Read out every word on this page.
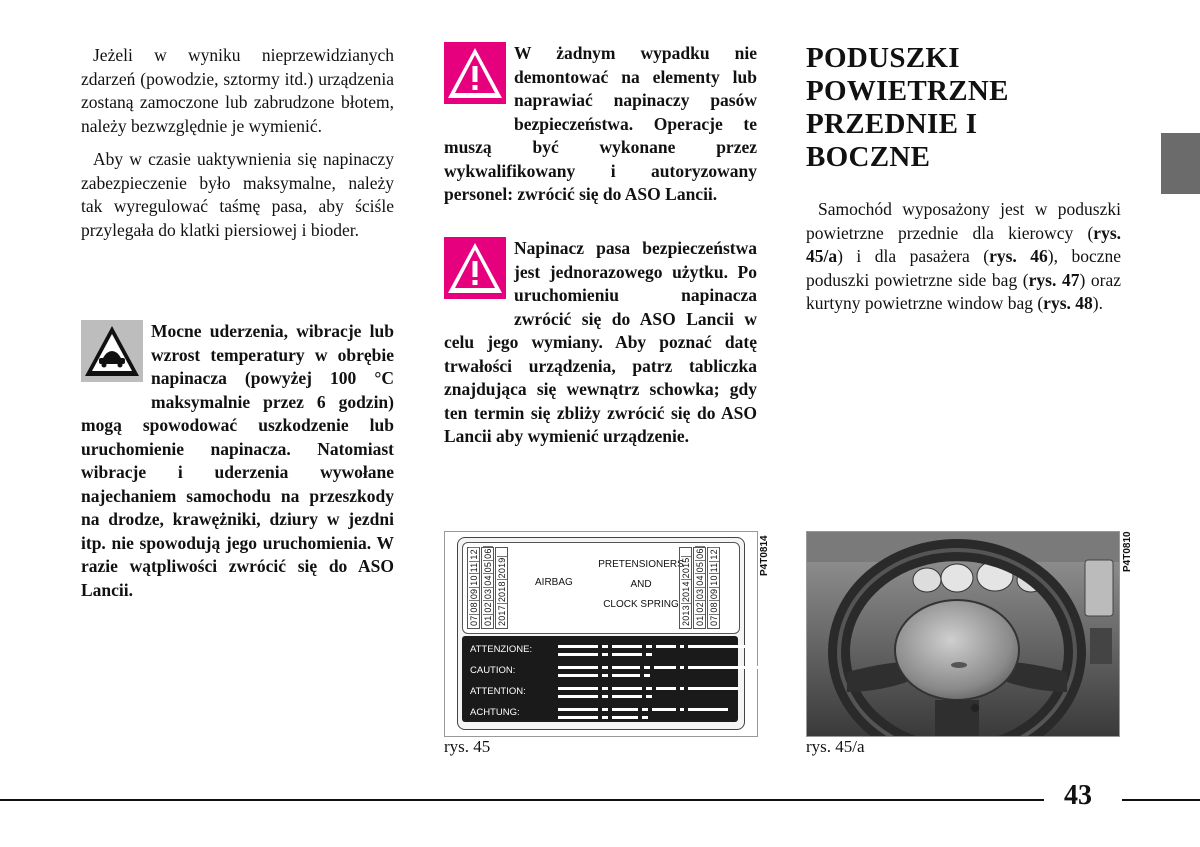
Jeżeli w wyniku nieprzewidzianych zdarzeń (powodzie, sztormy itd.) urządzenia zostaną zamoczone lub zabrudzone błotem, należy bezwzględnie je wymienić.

Aby w czasie uaktywnienia się napinaczy zabezpieczenie było maksymalne, należy tak wyregulować taśmę pasa, aby ściśle przylegała do klatki piersiowej i bioder.

Mocne uderzenia, wibracje lub wzrost temperatury w obrębie napinacza (powyżej 100 °C maksymalnie przez 6 godzin) mogą spowodować uszkodzenie lub uruchomienie napinacza. Natomiast wibracje i uderzenia wywołane najechaniem samochodu na przeszkody na drodze, krawężniki, dziury w jezdni itp. nie spowodują jego uruchomienia. W razie wątpliwości zwrócić się do ASO Lancii.

W żadnym wypadku nie demontować na elementy lub naprawiać napinaczy pasów bezpieczeństwa. Operacje te muszą być wykonane przez wykwalifikowany i autoryzowany personel: zwrócić się do ASO Lancii.

Napinacz pasa bezpieczeństwa jest jednorazowego użytku. Po uruchomieniu napinacza zwrócić się do ASO Lancii w celu jego wymiany. Aby poznać datę trwałości urządzenia, patrz tabliczka znajdująca się wewnątrz schowka; gdy ten termin się zbliży zwrócić się do ASO Lancii aby wymienić urządzenie.

PODUSZKI POWIETRZNE PRZEDNIE I BOCZNE

Samochód wyposażony jest w poduszki powietrzne przednie dla kierowcy (rys. 45/a) i dla pasażera (rys. 46), boczne poduszki powietrzne side bag (rys. 47) oraz kurtyny powietrzne window bag (rys. 48).

070809101112
010203040506
201720182019
AIRBAG
PRETENSIONERS
AND
CLOCK SPRING
201320142015
010203040506
070809101112
ATTENZIONE:
CAUTION:
ATTENTION:
ACHTUNG:
P4T0814
rys. 45
P4T0810
rys. 45/a
43
